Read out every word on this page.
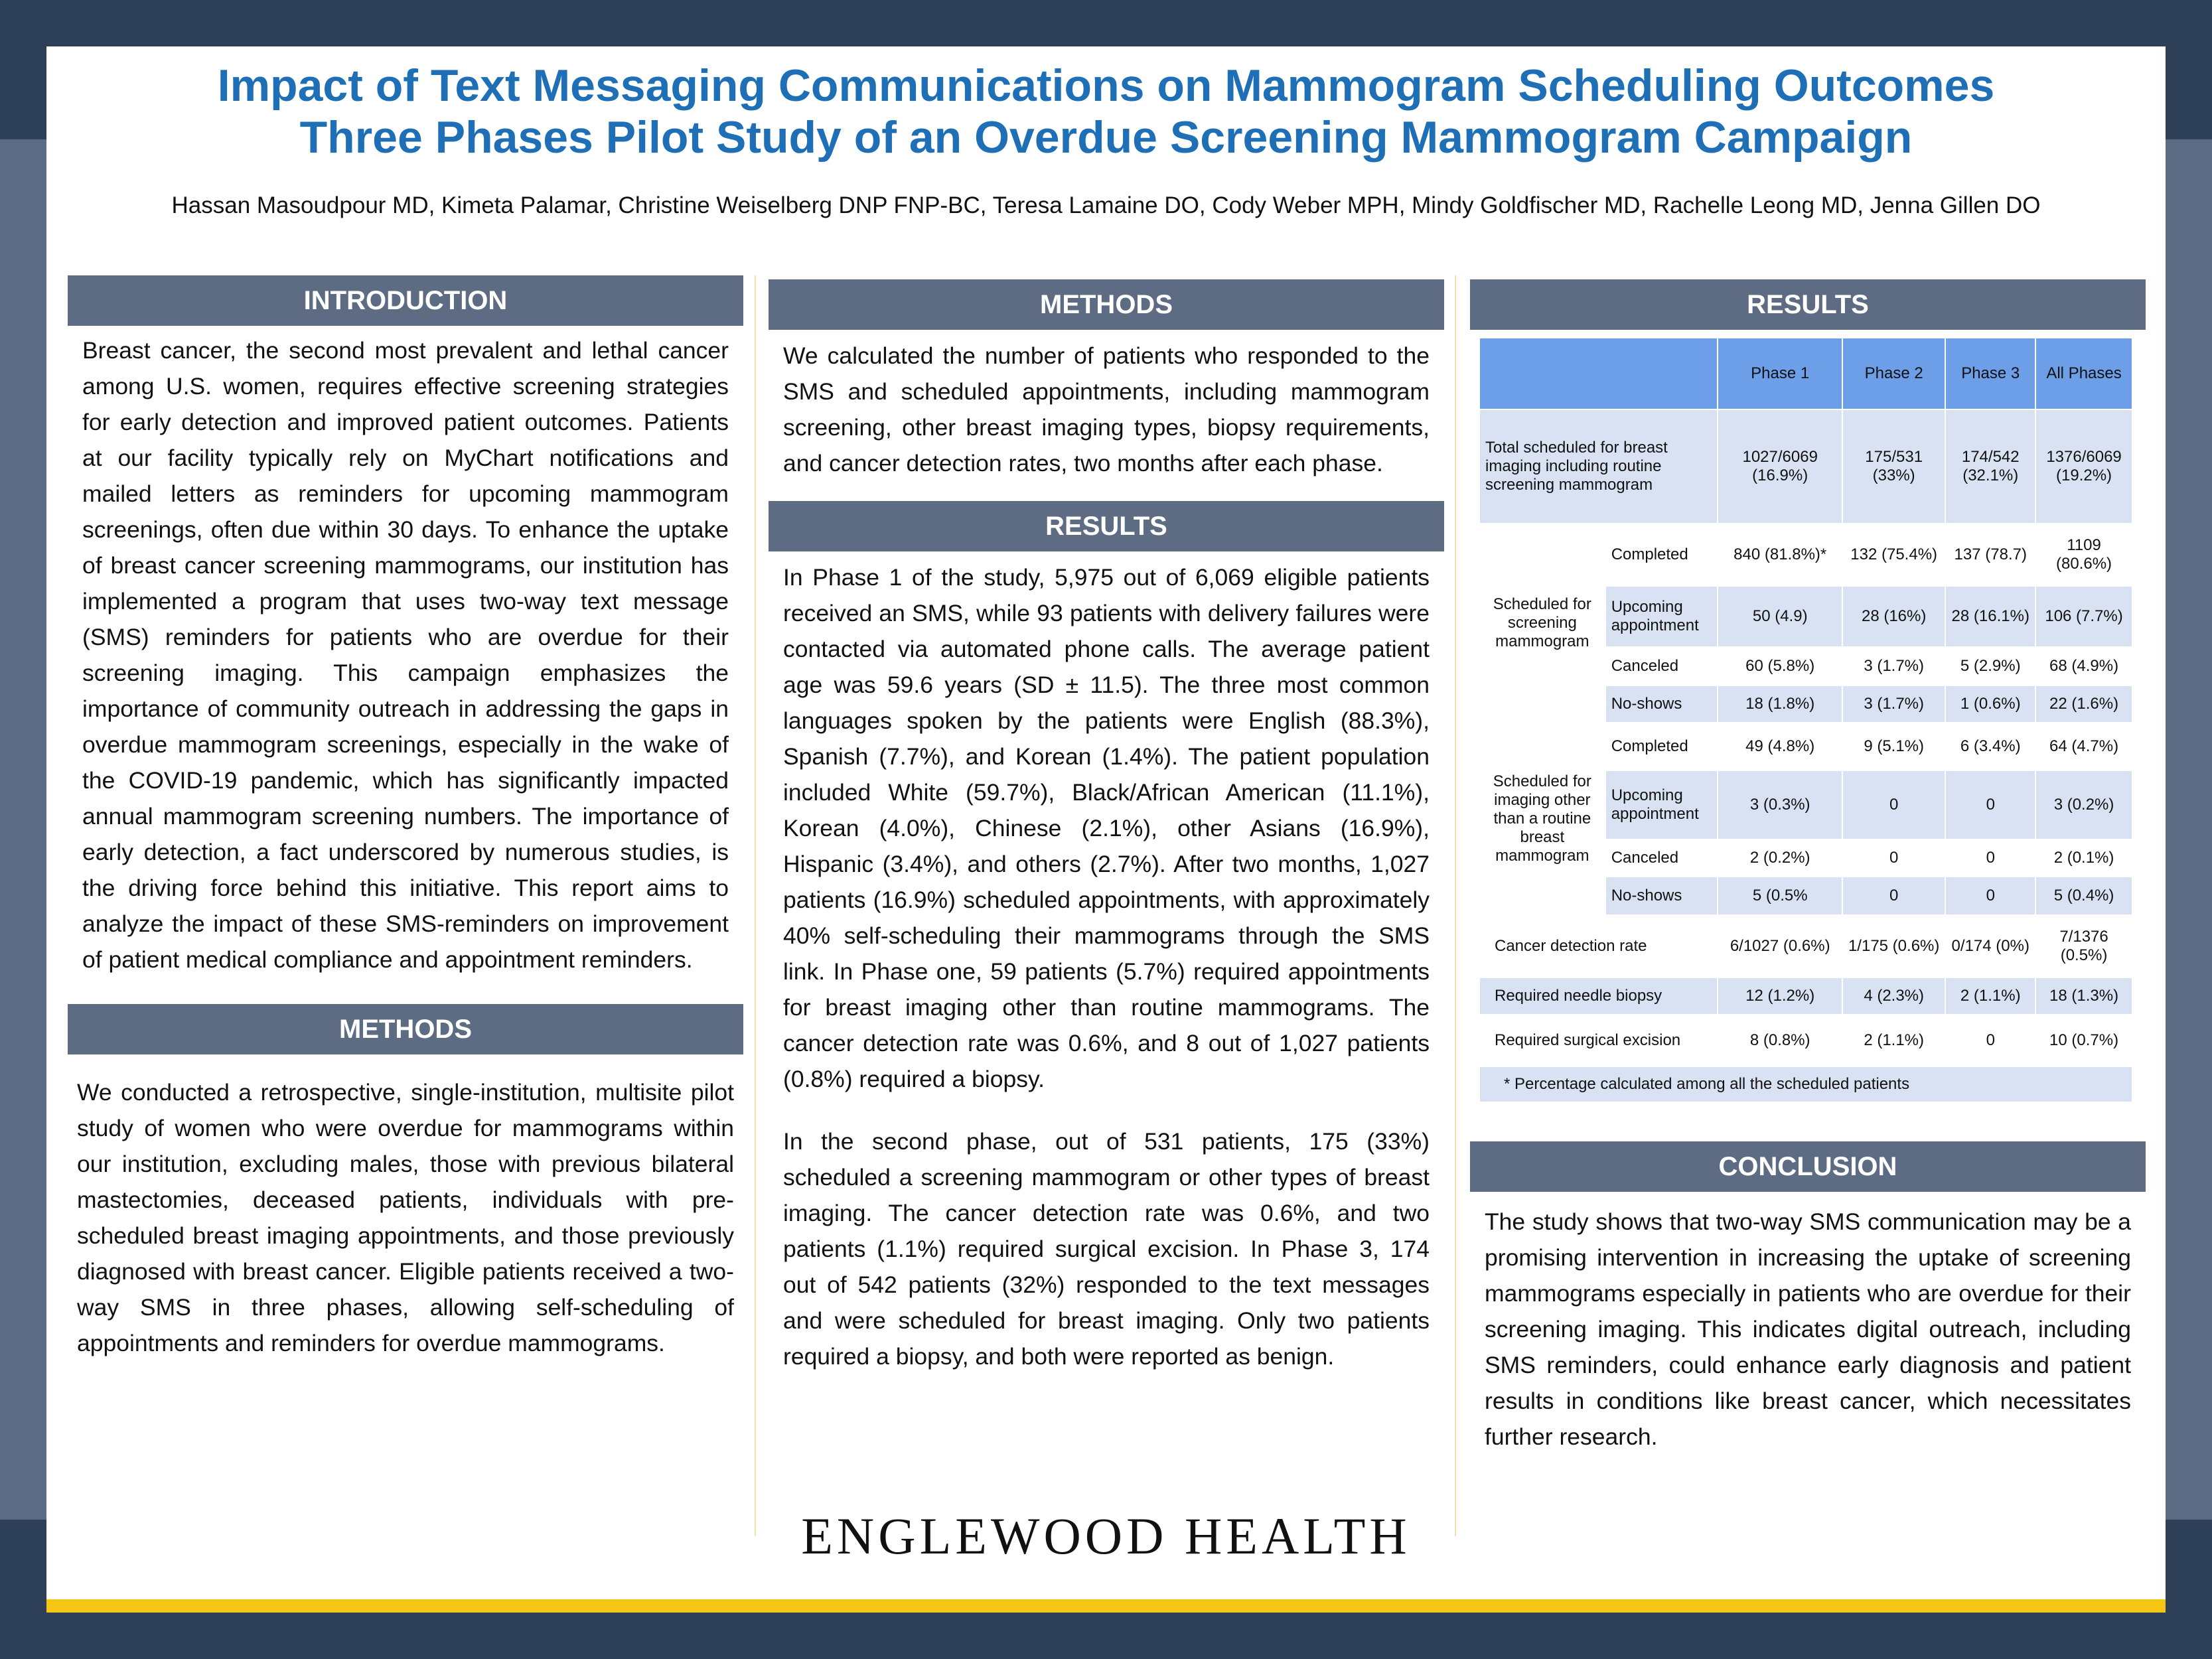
Impact of Text Messaging Communications on Mammogram Scheduling Outcomes
Three Phases Pilot Study of an Overdue Screening Mammogram Campaign
Hassan Masoudpour MD, Kimeta Palamar, Christine Weiselberg DNP FNP-BC, Teresa Lamaine DO, Cody Weber MPH, Mindy Goldfischer MD, Rachelle Leong MD, Jenna Gillen DO
INTRODUCTION
Breast cancer, the second most prevalent and lethal cancer among U.S. women, requires effective screening strategies for early detection and improved patient outcomes. Patients at our facility typically rely on MyChart notifications and mailed letters as reminders for upcoming mammogram screenings, often due within 30 days. To enhance the uptake of breast cancer screening mammograms, our institution has implemented a program that uses two-way text message (SMS) reminders for patients who are overdue for their screening imaging. This campaign emphasizes the importance of community outreach in addressing the gaps in overdue mammogram screenings, especially in the wake of the COVID-19 pandemic, which has significantly impacted annual mammogram screening numbers. The importance of early detection, a fact underscored by numerous studies, is the driving force behind this initiative. This report aims to analyze the impact of these SMS-reminders on improvement of patient medical compliance and appointment reminders.
METHODS
We conducted a retrospective, single-institution, multisite pilot study of women who were overdue for mammograms within our institution, excluding males, those with previous bilateral mastectomies, deceased patients, individuals with pre-scheduled breast imaging appointments, and those previously diagnosed with breast cancer. Eligible patients received a two-way SMS in three phases, allowing self-scheduling of appointments and reminders for overdue mammograms.
METHODS
We calculated the number of patients who responded to the SMS and scheduled appointments, including mammogram screening, other breast imaging types, biopsy requirements, and cancer detection rates, two months after each phase.
RESULTS
In Phase 1 of the study, 5,975 out of 6,069 eligible patients received an SMS, while 93 patients with delivery failures were contacted via automated phone calls. The average patient age was 59.6 years (SD ± 11.5). The three most common languages spoken by the patients were English (88.3%), Spanish (7.7%), and Korean (1.4%). The patient population included White (59.7%), Black/African American (11.1%), Korean (4.0%), Chinese (2.1%), other Asians (16.9%), Hispanic (3.4%), and others (2.7%). After two months, 1,027 patients (16.9%) scheduled appointments, with approximately 40% self-scheduling their mammograms through the SMS link. In Phase one, 59 patients (5.7%) required appointments for breast imaging other than routine mammograms. The cancer detection rate was 0.6%, and 8 out of 1,027 patients (0.8%) required a biopsy.
In the second phase, out of 531 patients, 175 (33%) scheduled a screening mammogram or other types of breast imaging. The cancer detection rate was 0.6%, and two patients (1.1%) required surgical excision. In Phase 3, 174 out of 542 patients (32%) responded to the text messages and were scheduled for breast imaging. Only two patients required a biopsy, and both were reported as benign.
RESULTS
		Phase 1	Phase 2	Phase 3	All Phases
Total scheduled for breast imaging including routine screening mammogram		1027/6069 (16.9%)	175/531 (33%)	174/542 (32.1%)	1376/6069 (19.2%)
Scheduled for screening mammogram	Completed	840 (81.8%)*	132 (75.4%)	137 (78.7)	1109 (80.6%)
	Upcoming appointment	50 (4.9)	28 (16%)	28 (16.1%)	106 (7.7%)
	Canceled	60 (5.8%)	3 (1.7%)	5 (2.9%)	68 (4.9%)
	No-shows	18 (1.8%)	3 (1.7%)	1 (0.6%)	22 (1.6%)
Scheduled for imaging other than a routine breast mammogram	Completed	49 (4.8%)	9 (5.1%)	6 (3.4%)	64 (4.7%)
	Upcoming appointment	3 (0.3%)	0	0	3 (0.2%)
	Canceled	2 (0.2%)	0	0	2 (0.1%)
	No-shows	5 (0.5%	0	0	5 (0.4%)
Cancer detection rate		6/1027 (0.6%)	1/175 (0.6%)	0/174 (0%)	7/1376 (0.5%)
Required needle biopsy		12 (1.2%)	4 (2.3%)	2 (1.1%)	18 (1.3%)
Required surgical excision		8 (0.8%)	2 (1.1%)	0	10 (0.7%)
* Percentage calculated among all the scheduled patients					
CONCLUSION
The study shows that two-way SMS communication may be a promising intervention in increasing the uptake of screening mammograms especially in patients who are overdue for their screening imaging. This indicates digital outreach, including SMS reminders, could enhance early diagnosis and patient results in conditions like breast cancer, which necessitates further research.
ENGLEWOOD HEALTH
